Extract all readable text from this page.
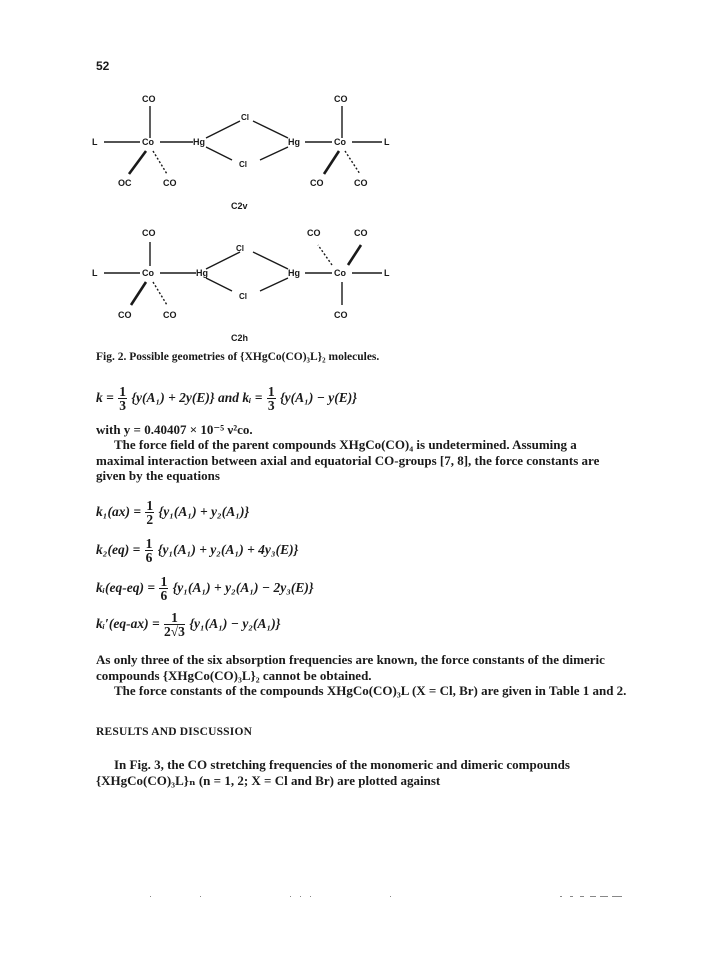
52
CO	CO
L	L
Co	Co
Hg	Hg
Cl
Cl
OC	CO	CO	CO
C2v
CO	CO	CO
L	L
Co	Co
Hg	Hg
Cl
Cl
CO	CO	CO
C2h
Fig. 2. Possible geometries of {XHgCo(CO)₃L}₂ molecules.
$k = \frac{1}{3} \{y(A_1) + 2y(E)\}$ and kᵢ = $\frac{1}{3} \{y(A_1) - y(E)\}$
with y = 0.40407 × 10⁻⁵ ν²co.
The force field of the parent compounds XHgCo(CO)₄ is undetermined. Assuming a maximal interaction between axial and equatorial CO-groups [7, 8], the force constants are given by the equations
$k_1(ax) = \frac{1}{2} \{y_1(A_1) + y_2(A_1)\}$
$k_2(eq) = \frac{1}{6} \{y_1(A_1) + y_2(A_1) + 4y_3(E)\}$
kᵢ(eq-eq) = $\frac{1}{6} \{y_1(A_1) + y_2(A_1) - 2y_3(E)\}$
kᵢ′(eq-ax) = $\frac{1}{2√3} \{y_1(A_1) - y_2(A_1)\}$
As only three of the six absorption frequencies are known, the force constants of the dimeric compounds {XHgCo(CO)₃L}₂ cannot be obtained.
The force constants of the compounds XHgCo(CO)₃L (X = Cl, Br) are given in Table 1 and 2.
RESULTS AND DISCUSSION
In Fig. 3, the CO stretching frequencies of the monomeric and dimeric compounds {XHgCo(CO)₃L}ₙ (n = 1, 2; X = Cl and Br) are plotted against
